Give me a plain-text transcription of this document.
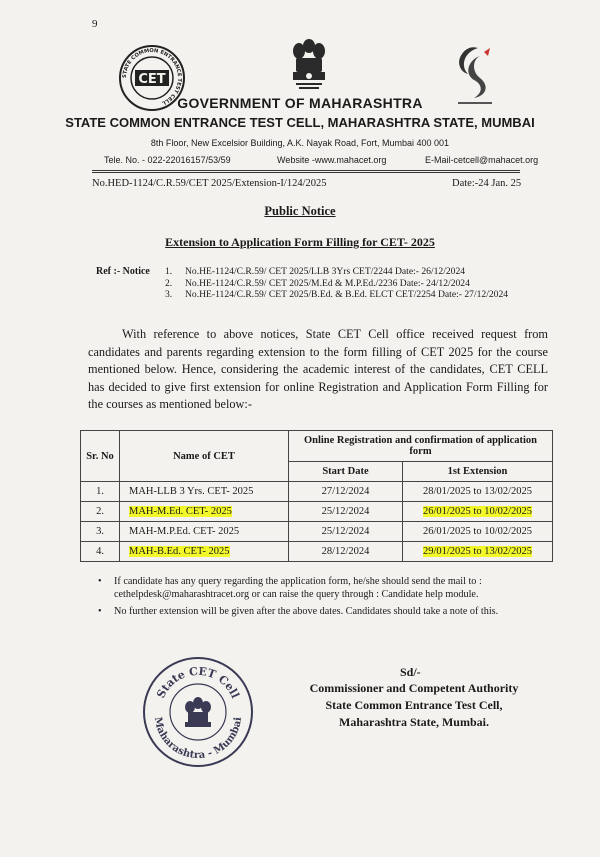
9
STATE COMMON ENTRANCE TEST CELL
CET
GOVERNMENT OF MAHARASHTRA
STATE COMMON ENTRANCE TEST CELL, MAHARASHTRA STATE, MUMBAI
8th Floor, New Excelsior Building, A.K. Nayak Road, Fort, Mumbai 400 001
Tele. No. - 022-22016157/53/59	Website -www.mahacet.org	E-Mail-cetcell@mahacet.org
No.HED-1124/C.R.59/CET 2025/Extension-I/124/2025	Date:-24 Jan. 25
Public Notice
Extension to Application Form Filling for CET- 2025
Ref :- Notice 1.	No.HE-1124/C.R.59/ CET 2025/LLB 3Yrs CET/2244 Date:- 26/12/2024
2.	No.HE-1124/C.R.59/ CET 2025/M.Ed & M.P.Ed./2236 Date:- 24/12/2024
3.	No.HE-1124/C.R.59/ CET 2025/B.Ed. & B.Ed. ELCT CET/2254 Date:- 27/12/2024
With reference to above notices, State CET Cell office received request from candidates and parents regarding extension to the form filling of CET 2025 for the course mentioned below. Hence, considering the academic interest of the candidates, CET CELL has decided to give first extension for online Registration and Application Form Filling for the courses as mentioned below:-
Sr. No	Name of CET	Online Registration and confirmation of application form	
		Start Date	1st Extension
1.	MAH-LLB 3 Yrs. CET- 2025	27/12/2024	28/01/2025 to 13/02/2025
2.	MAH-M.Ed. CET- 2025	25/12/2024	26/01/2025 to 10/02/2025
3.	MAH-M.P.Ed. CET- 2025	25/12/2024	26/01/2025 to 10/02/2025
4.	MAH-B.Ed. CET- 2025	28/12/2024	29/01/2025 to 13/02/2025
•	If candidate has any query regarding the application form, he/she should send the mail to : cethelpdesk@maharashtracet.org or can raise the query through : Candidate help module.
•	No further extension will be given after the above dates. Candidates should take a note of this.
State CET Cell
Maharashtra - Mumbai
Sd/-
Commissioner and Competent Authority
State Common Entrance Test Cell,
Maharashtra State, Mumbai.
